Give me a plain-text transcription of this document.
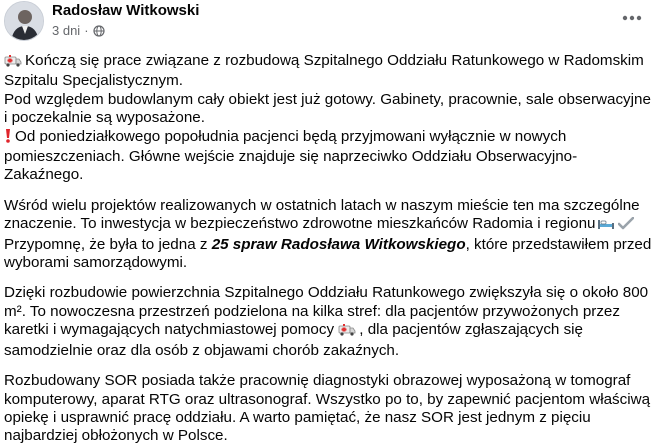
Radosław Witkowski
3 dni ·
Kończą się prace związane z rozbudową Szpitalnego Oddziału Ratunkowego w Radomskim Szpitalu Specjalistycznym.
Pod względem budowlanym cały obiekt jest już gotowy. Gabinety, pracownie, sale obserwacyjne i poczekalnie są wyposażone.
Od poniedziałkowego popołudnia pacjenci będą przyjmowani wyłącznie w nowych pomieszczeniach. Główne wejście znajduje się naprzeciwko Oddziału Obserwacyjno-Zakaźnego.
Wśród wielu projektów realizowanych w ostatnich latach w naszym mieście ten ma szczególne znaczenie. To inwestycja w bezpieczeństwo zdrowotne mieszkańców Radomia i regionuPrzypomnę, że była to jedna z 25 spraw Radosława Witkowskiego, które przedstawiłem przed wyborami samorządowymi.
Dzięki rozbudowie powierzchnia Szpitalnego Oddziału Ratunkowego zwiększyła się o około 800 m². To nowoczesna przestrzeń podzielona na kilka stref: dla pacjentów przywożonych przez karetki i wymagających natychmiastowej pomocy , dla pacjentów zgłaszających się samodzielnie oraz dla osób z objawami chorób zakaźnych.
Rozbudowany SOR posiada także pracownię diagnostyki obrazowej wyposażoną w tomograf komputerowy, aparat RTG oraz ultrasonograf. Wszystko po to, by zapewnić pacjentom właściwą opiekę i usprawnić pracę oddziału. A warto pamiętać, że nasz SOR jest jednym z pięciu najbardziej obłożonych w Polsce.
